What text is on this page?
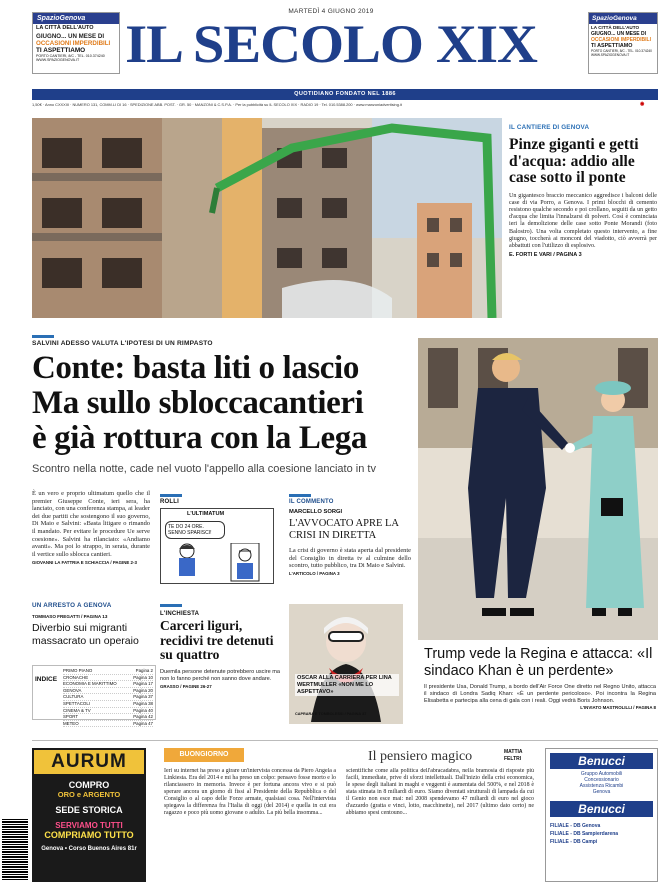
SpazioGenova
LA CITTÀ DELL'AUTO
GIUGNO... UN MESE DI
OCCASIONI IMPERDIBILI
TI ASPETTIAMO
PORTO CANTIERI, 8/C - TEL. 010.374240
WWW.SPAZIOGENOVA.IT
SpazioGenova
LA CITTÀ DELL'AUTO
GIUGNO... UN MESE DI
OCCASIONI IMPERDIBILI
TI ASPETTIAMO
PORTO CANTIERI, 8/C - TEL. 010.374240
WWW.SPAZIOGENOVA.IT
MARTEDÌ 4 GIUGNO 2019
IL SECOLO XIX
QUOTIDIANO FONDATO NEL 1886
1,50€ · Anno CXXXIII · NUMERO 131, COMM.LI DI 16 · SPEDIZIONE ABB. POST. · GR. 50 · MANZONI & C.S.P.A. · Per la pubblicità su IL SECOLO XIX · RADIO 19 · Tel. 010.5388.200 · www.manzoniadvertising.it	◉
IL CANTIERE DI GENOVA
Pinze giganti e getti d'acqua: addio alle case sotto il ponte
Un gigantesco braccio meccanico aggredisce i balconi delle case di via Porro, a Genova. I primi blocchi di cemento resistono qualche secondo e poi crollano, seguiti da un getto d'acqua che limita l'innalzarsi di polveri. Così è cominciata ieri la demolizione delle case sotto Ponte Morandi (foto Balostro). Una volta completato questo intervento, a fine giugno, toccherà ai monconi del viadotto, ciò avverrà per abbattuti con l'utilizzo di esplosivo.
E. FORTI E VARI / PAGINA 3
SALVINI ADESSO VALUTA L'IPOTESI DI UN RIMPASTO
Conte: basta liti o lascio
Ma sullo sbloccacantieri
è già rottura con la Lega
Scontro nella notte, cade nel vuoto l'appello alla coesione lanciato in tv
È un vero e proprio ultimatum quello che il premier Giuseppe Conte, ieri sera, ha lanciato, con una conferenza stampa, ai leader dei due partiti che sostengono il suo governo, Di Maio e Salvini: «Basta litigare o rimando il mandato. Per evitare le procedure Ue serve coesione». Salvini ha rilanciato: «Andiamo avanti». Ma poi lo strappo, in serata, durante il vertice sullo sblocca cantieri.
GIOVANNI LA FATTRIA E SCHIACCIA / PAGINE 2-3
ROLLI
L'ULTIMATUM
TE DO 24 ORE. SENNO SPARISCI!
IL COMMENTO
MARCELLO SORGI
L'AVVOCATO APRE LA CRISI IN DIRETTA
La crisi di governo è stata aperta dal presidente del Consiglio in diretta tv al culmine dello scontro, tutto pubblico, tra Di Maio e Salvini.
L'ARTICOLO / PAGINA 3
Trump vede la Regina e attacca: «Il sindaco Khan è un perdente»
Il presidente Usa, Donald Trump, a bordo dell'Air Force One diretto nel Regno Unito, attacca il sindaco di Londra Sadiq Khan: «È un perdente pericoloso». Poi incontra la Regina Elisabetta e partecipa alla cena di gala con i reali. Oggi vedrà Boris Johnson.
L'INVIATO MASTROLILLI / PAGINA 8
UN ARRESTO A GENOVA
TOMMASO FREGATTI / PAGINA 13
Diverbio sui migranti massacrato un operaio
INDICE
PRIMO PIANO	Pagina 2
CRONACHE	Pagina 10
ECONOMIA E MARITTIMO	Pagina 17
GENOVA	Pagina 20
CULTURA	Pagina 37
SPETTACOLI	Pagina 38
CINEMA & TV	Pagina 40
SPORT	Pagina 42
METEO	Pagina 47
L'INCHIESTA
Carceri liguri, recidivi tre detenuti su quattro
Duemila persone detenute potrebbero uscire ma non lo fanno perché non sanno dove andare.
GRASSO / PAGINE 26-27
OSCAR ALLA CARRIERA PER LINA WERTMULLER «NON ME LO ASPETTAVO»
CAPRARA E TOMBOLESSI / PAGINA 37
AURUM
COMPRO
ORO e ARGENTO
SEDE STORICA
SERVIAMO TUTTI
COMPRIAMO TUTTO
Genova • Corso Buenos Aires 81r
BUONGIORNO	Il pensiero magico	MATTIA
FELTRI
Ieri su internet ha preso a girare un'intervista concessa da Piero Angela a Linkiesta. Era del 2014 e mi ha preso un colpo: pensavo fosse morto e lo rilanciassero in memoria. Invece è per fortuna ancora vivo e si può sperare ancora un giorno di fissi al Presidente della Repubblica o del Consiglio o al capo delle Forze armate, qualsiasi cosa. Nell'intervista spiegava la differenza fra l'Italia di oggi (del 2014) e quella in cui era ragazzo e poco più uomo giovane o adulto. La più bella insomma...
scientifiche come alla politica dell'abracadabra, nella bramosia di risposte più facili, immediate, prive di sforzi intellettuali. Dall'inizio della crisi economica, le spese degli italiani in maghi e veggenti è aumentata del 500%, e nel 2018 è stata stimata in 8 miliardi di euro. Siamo diventati strutturali di lampada da cui il Genio non esce mai: nel 2008 spendevamo 47 miliardi di euro nel gioco d'azzardo (gratta e vinci, lotto, macchinette), nel 2017 (ultimo dato certo) ne abbiamo spesi centouno...
Benucci
Gruppo Automobili
Concessionario
Assistenza Ricambi
Genova
Benucci
FILIALE - DB Genova
FILIALE - DB Sampierdarena
FILIALE - DB Campi
